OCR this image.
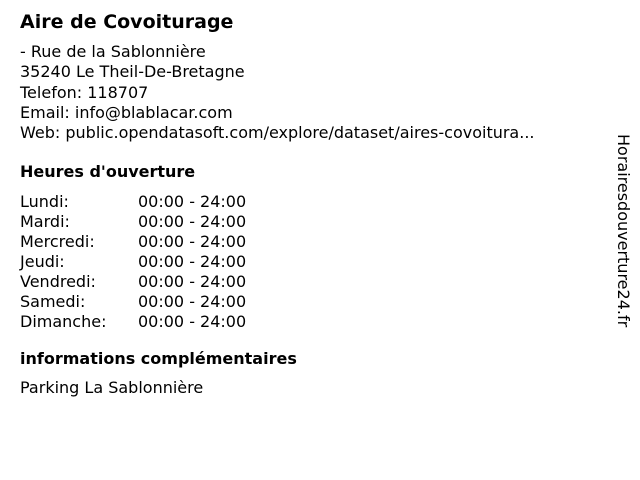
Aire de Covoiturage
- Rue de la Sablonnière
35240 Le Theil-De-Bretagne
Telefon: 118707
Email: info@blablacar.com
Web: public.opendatasoft.com/explore/dataset/aires-covoitura...
Heures d'ouverture
Lundi:	00:00 - 24:00
Mardi:	00:00 - 24:00
Mercredi:	00:00 - 24:00
Jeudi:	00:00 - 24:00
Vendredi:	00:00 - 24:00
Samedi:	00:00 - 24:00
Dimanche:	00:00 - 24:00
informations complémentaires
Parking La Sablonnière
Horairesdouverture24.fr
